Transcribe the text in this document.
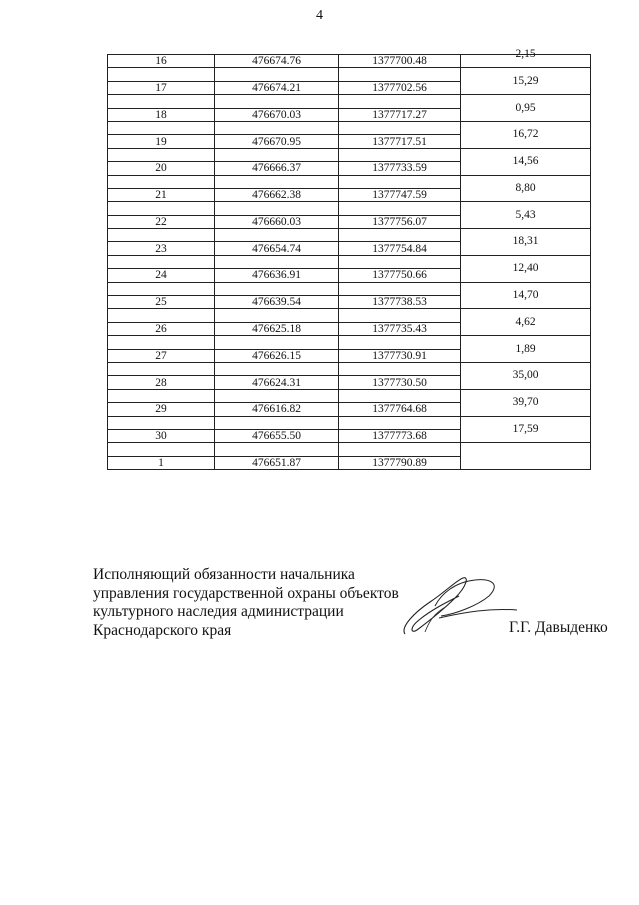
4
16	476674.76	1377700.48	2,15

17	476674.21	1377702.56	15,29

18	476670.03	1377717.27	0,95

19	476670.95	1377717.51	16,72

20	476666.37	1377733.59	14,56

21	476662.38	1377747.59	8,80

22	476660.03	1377756.07	5,43

23	476654.74	1377754.84	18,31

24	476636.91	1377750.66	12,40

25	476639.54	1377738.53	14,70

26	476625.18	1377735.43	4,62

27	476626.15	1377730.91	1,89

28	476624.31	1377730.50	35,00

29	476616.82	1377764.68	39,70

30	476655.50	1377773.68	17,59

1	476651.87	1377790.89	
Исполняющий обязанности начальника
управления государственной охраны объектов
культурного наследия администрации
Краснодарского края	Г.Г. Давыденко
